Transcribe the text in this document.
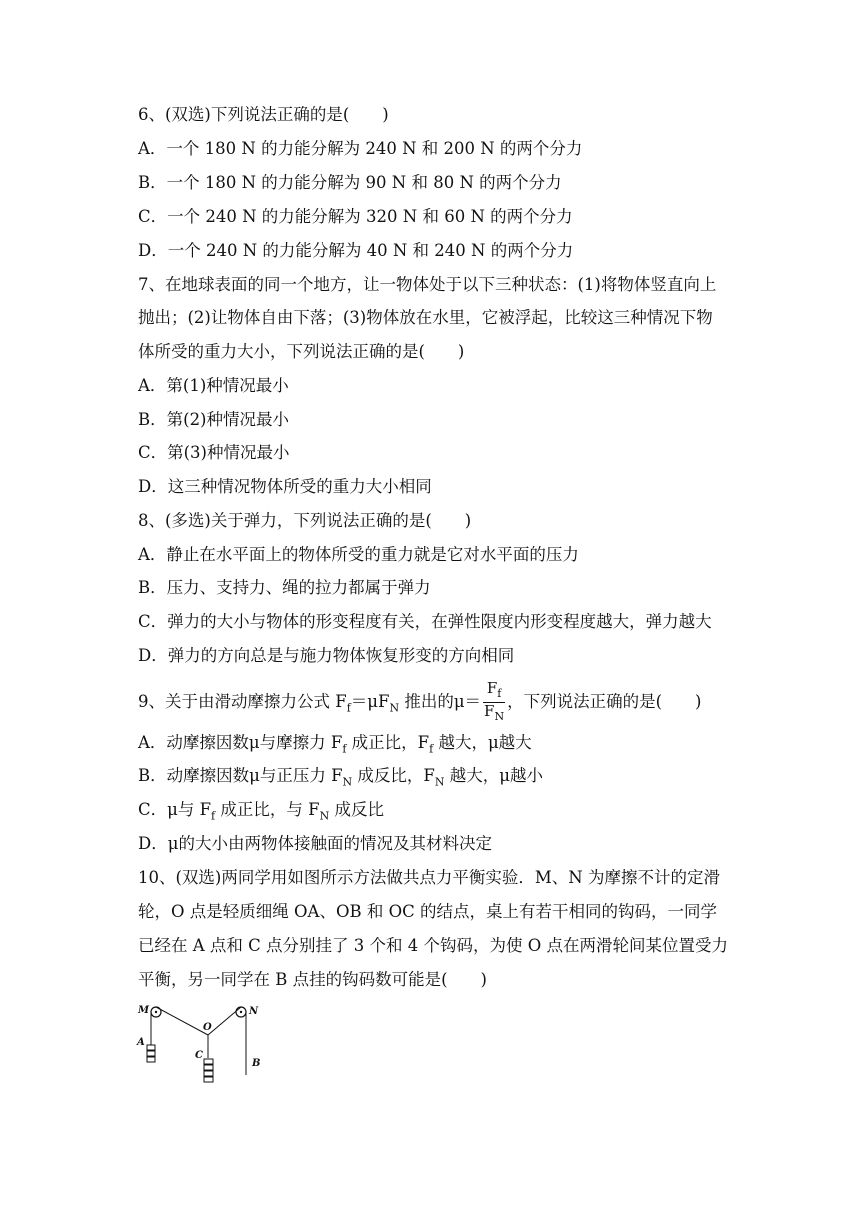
6、(双选)下列说法正确的是(　　)
A．一个 180 N 的力能分解为 240 N 和 200 N 的两个分力
B．一个 180 N 的力能分解为 90 N 和 80 N 的两个分力
C．一个 240 N 的力能分解为 320 N 和 60 N 的两个分力
D．一个 240 N 的力能分解为 40 N 和 240 N 的两个分力
7、在地球表面的同一个地方，让一物体处于以下三种状态：(1)将物体竖直向上
抛出；(2)让物体自由下落；(3)物体放在水里，它被浮起，比较这三种情况下物
体所受的重力大小，下列说法正确的是(　　)
A．第(1)种情况最小
B．第(2)种情况最小
C．第(3)种情况最小
D．这三种情况物体所受的重力大小相同
8、(多选)关于弹力，下列说法正确的是(　　)
A．静止在水平面上的物体所受的重力就是它对水平面的压力
B．压力、支持力、绳的拉力都属于弹力
C．弹力的大小与物体的形变程度有关，在弹性限度内形变程度越大，弹力越大
D．弹力的方向总是与施力物体恢复形变的方向相同
9、关于由滑动摩擦力公式 $F_f=\mu F_N$ 推出的$\mu= \frac{F_f}{F_N}$ ，下列说法正确的是(　　)
A．动摩擦因数μ与摩擦力 $F_f$ 成正比，$F_f$ 越大，μ越大
B．动摩擦因数μ与正压力 $F_N$ 成反比，$F_N$ 越大，μ越小
C．μ与 $F_f$ 成正比，与 $F_N$ 成反比
D．μ的大小由两物体接触面的情况及其材料决定
10、(双选)两同学用如图所示方法做共点力平衡实验．M、N 为摩擦不计的定滑
轮，O 点是轻质细绳 OA、OB 和 OC 的结点，桌上有若干相同的钩码，一同学
已经在 A 点和 C 点分别挂了 3 个和 4 个钩码，为使 O 点在两滑轮间某位置受力
平衡，另一同学在 B 点挂的钩码数可能是(　　)
M	N
O
A
B
C
